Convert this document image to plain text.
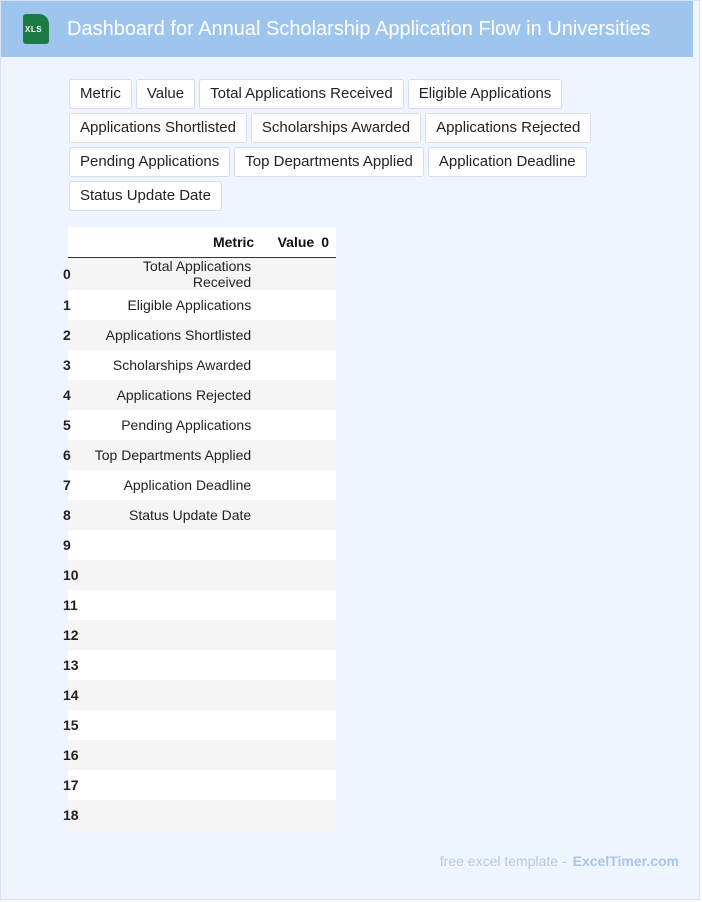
XLS Dashboard for Annual Scholarship Application Flow in Universities
Metric	Value	Total Applications Received	Eligible Applications
Applications Shortlisted	Scholarships Awarded	Applications Rejected
Pending Applications	Top Departments Applied	Application Deadline
Status Update Date
	Metric	Value	0
0	Total Applications Received		
1	Eligible Applications		
2	Applications Shortlisted		
3	Scholarships Awarded		
4	Applications Rejected		
5	Pending Applications		
6	Top Departments Applied		
7	Application Deadline		
8	Status Update Date		
9			
10			
11			
12			
13			
14			
15			
16			
17			
18			
free excel template - ExcelTimer.com
